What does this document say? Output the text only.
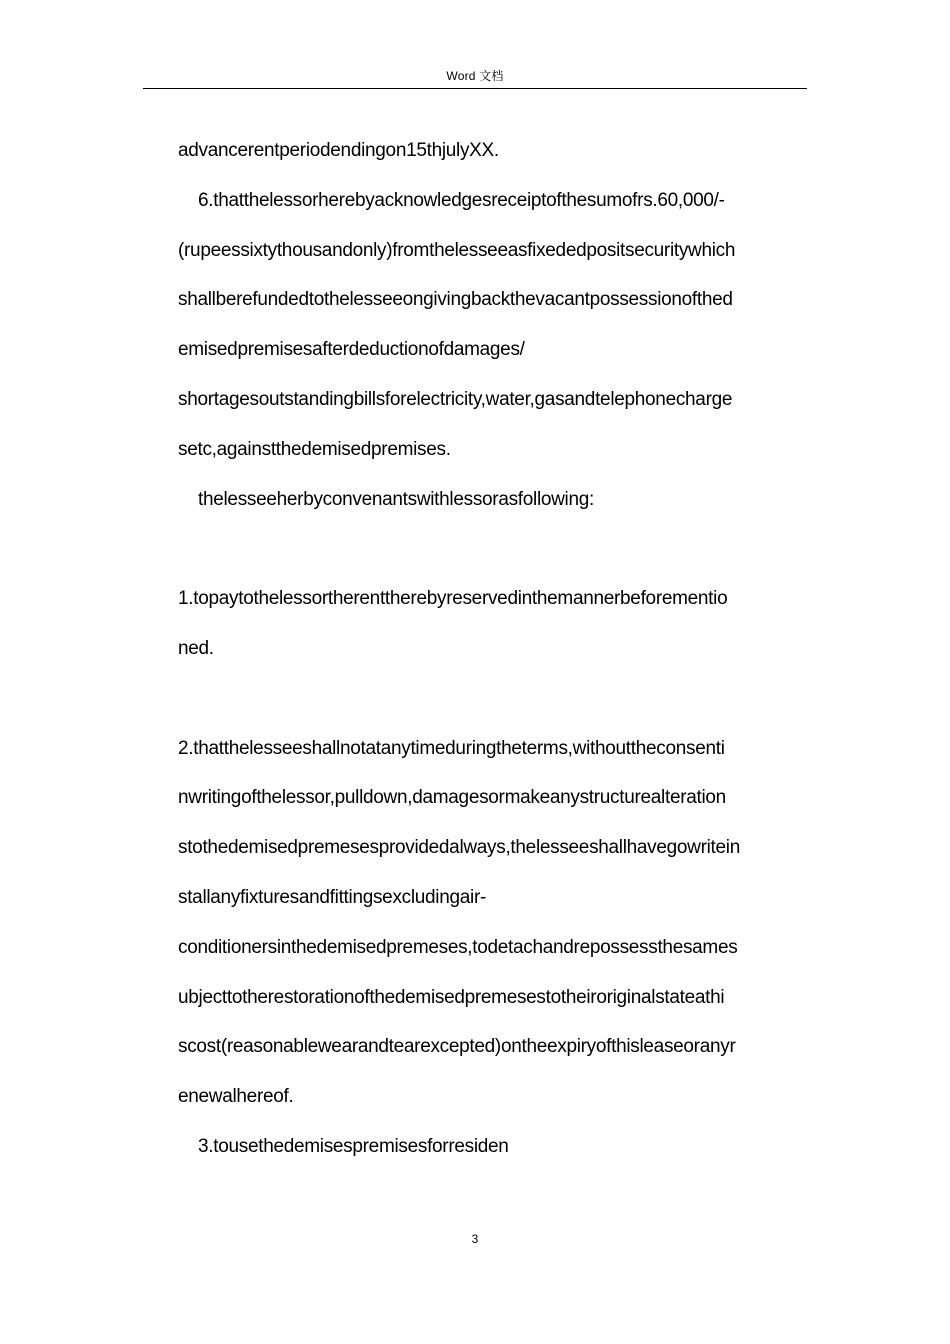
Word 文档
advancerentperiodendingon15thjulyXX.
6.thatthelessorherebyacknowledgesreceiptofthesumofrs.60,000/-
(rupeessixtythousandonly)fromthelesseeasfixededpositsecuritywhich
shallberefundedtothelesseeongivingbackthevacantpossessionofthed
emisedpremisesafterdeductionofdamages/
shortagesoutstandingbillsforelectricity,water,gasandtelephonecharge
setc,againstthedemisedpremises.
thelesseeherbyconvenantswithlessorasfollowing:
1.topaytothelessortherenttherebyreservedinthemannerbeforementio
ned.
2.thatthelesseeshallnotatanytimeduringtheterms,withouttheconsenti
nwritingofthelessor,pulldown,damagesormakeanystructurealteration
stothedemisedpremesesprovidedalways,thelesseeshallhavegowritein
stallanyfixturesandfittingsexcludingair-
conditionersinthedemisedpremeses,todetachandrepossessthesames
ubjecttotherestorationofthedemisedpremesestotheiroriginalstateathi
scost(reasonablewearandtearexcepted)ontheexpiryofthisleaseoranyr
enewalhereof.
3.tousethedemisespremisesforresiden
3
